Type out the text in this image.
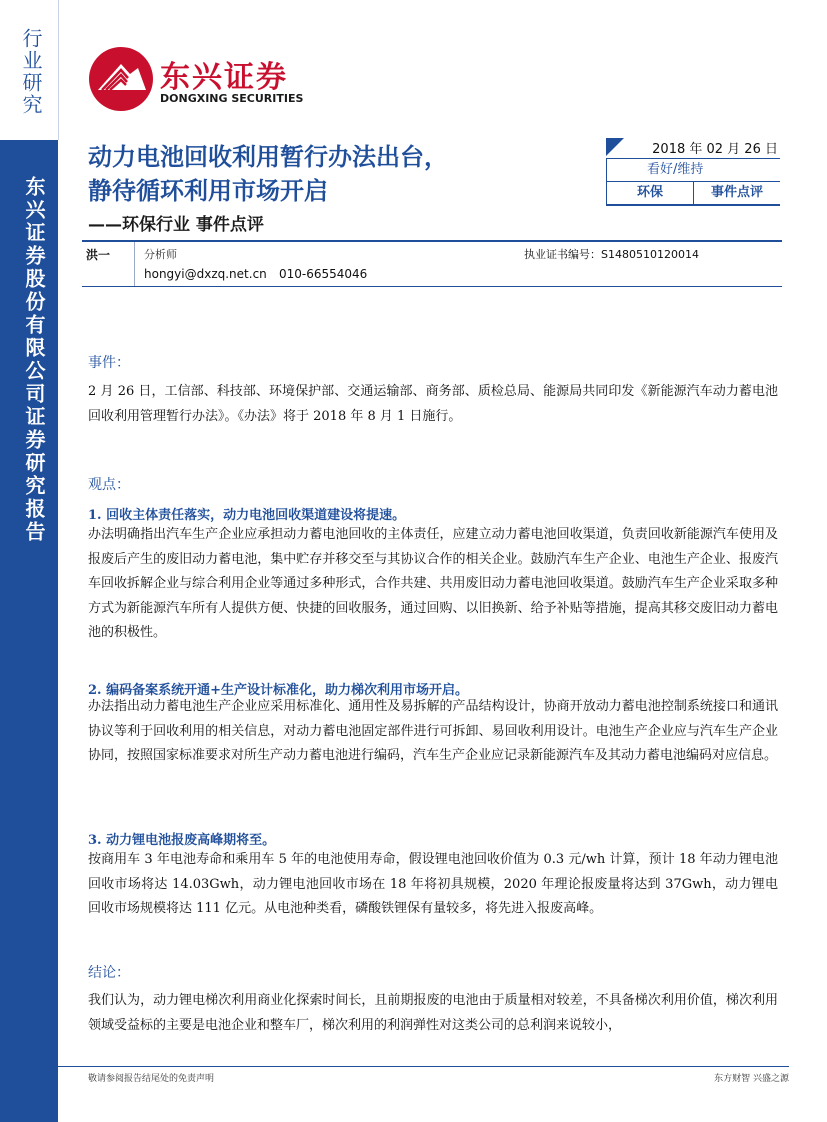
行业研究
东兴证券股份有限公司证券研究报告
东兴证券
DONGXING SECURITIES
动力电池回收利用暂行办法出台，
静待循环利用市场开启
——环保行业 事件点评
2018 年 02 月 26 日
看好/维持
环保	事件点评
洪一	分析师	执业证书编号：S1480510120014
hongyi@dxzq.net.cn 010-66554046
事件：
2 月 26 日，工信部、科技部、环境保护部、交通运输部、商务部、质检总局、能源局共同印发《新能源汽车动力蓄电池回收利用管理暂行办法》。《办法》将于 2018 年 8 月 1 日施行。
观点：
1. 回收主体责任落实，动力电池回收渠道建设将提速。
办法明确指出汽车生产企业应承担动力蓄电池回收的主体责任，应建立动力蓄电池回收渠道，负责回收新能源汽车使用及报废后产生的废旧动力蓄电池，集中贮存并移交至与其协议合作的相关企业。鼓励汽车生产企业、电池生产企业、报废汽车回收拆解企业与综合利用企业等通过多种形式，合作共建、共用废旧动力蓄电池回收渠道。鼓励汽车生产企业采取多种方式为新能源汽车所有人提供方便、快捷的回收服务，通过回购、以旧换新、给予补贴等措施，提高其移交废旧动力蓄电池的积极性。
2. 编码备案系统开通+生产设计标准化，助力梯次利用市场开启。
办法指出动力蓄电池生产企业应采用标准化、通用性及易拆解的产品结构设计，协商开放动力蓄电池控制系统接口和通讯协议等利于回收利用的相关信息，对动力蓄电池固定部件进行可拆卸、易回收利用设计。电池生产企业应与汽车生产企业协同，按照国家标准要求对所生产动力蓄电池进行编码，汽车生产企业应记录新能源汽车及其动力蓄电池编码对应信息。
3. 动力锂电池报废高峰期将至。
按商用车 3 年电池寿命和乘用车 5 年的电池使用寿命，假设锂电池回收价值为 0.3 元/wh 计算，预计 18 年动力锂电池回收市场将达 14.03Gwh，动力锂电池回收市场在 18 年将初具规模，2020 年理论报废量将达到 37Gwh，动力锂电回收市场规模将达 111 亿元。从电池种类看，磷酸铁锂保有量较多，将先进入报废高峰。
结论：
我们认为，动力锂电梯次利用商业化探索时间长，且前期报废的电池由于质量相对较差，不具备梯次利用价值，梯次利用领域受益标的主要是电池企业和整车厂，梯次利用的利润弹性对这类公司的总利润来说较小，
敬请参阅报告结尾处的免责声明	东方财智 兴盛之源
